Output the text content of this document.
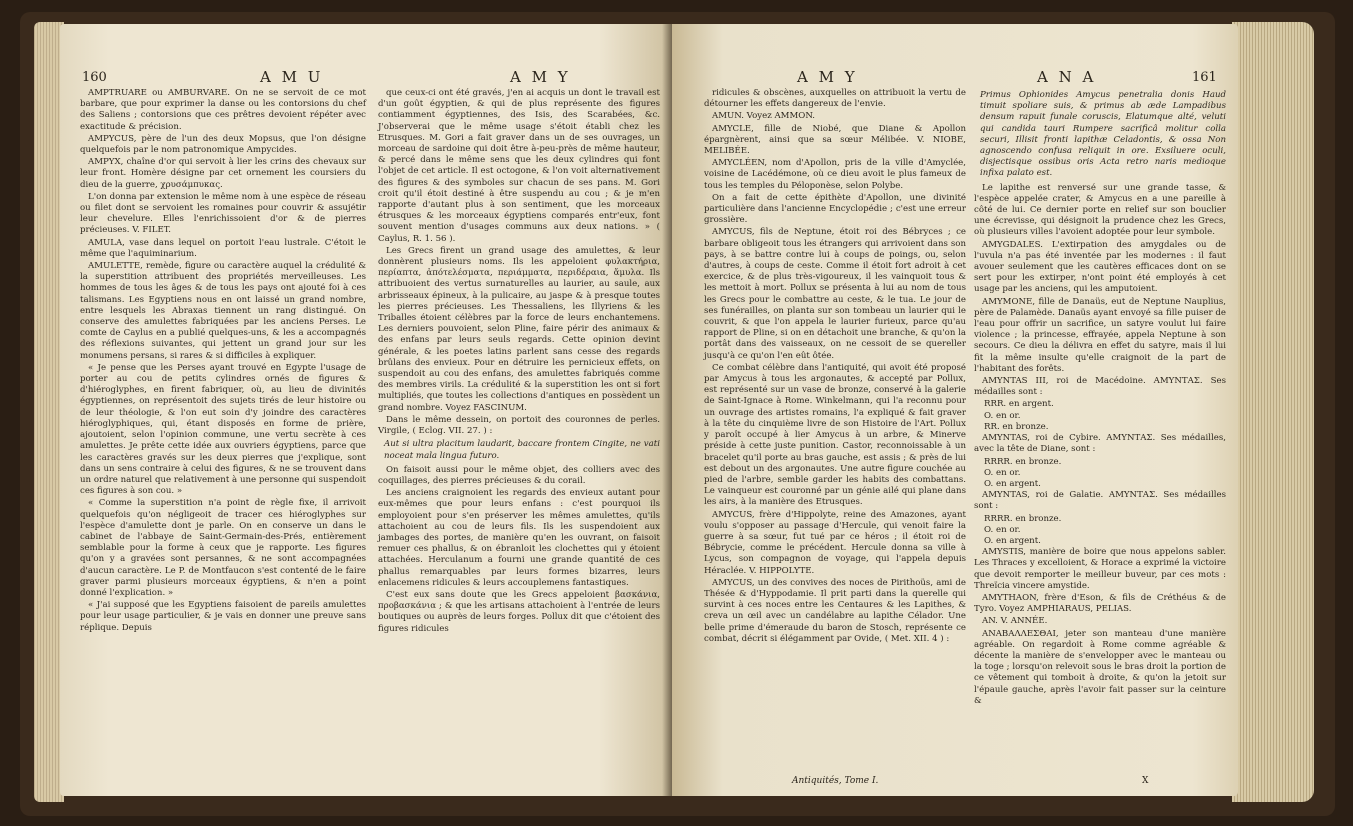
160	A M U	A M Y

AMPTRUARE ou AMBURVARE. On ne se servoit de ce mot barbare, que pour exprimer la danse ou les contorsions du chef des Saliens ; contorsions que ces prêtres devoient répéter avec exactitude & précision.

AMPYCUS, père de l'un des deux Mopsus, que l'on désigne quelquefois par le nom patronomique Ampycides.

AMPYX, chaîne d'or qui servoit à lier les crins des chevaux sur leur front. Homère désigne par cet ornement les coursiers du dieu de la guerre, χρυσάμπυκας.

L'on donna par extension le même nom à une espèce de réseau ou filet dont se servoient les romaines pour couvrir & assujétir leur chevelure. Elles l'enrichissoient d'or & de pierres précieuses. V. FILET.

AMULA, vase dans lequel on portoit l'eau lustrale. C'étoit le même que l'aquiminarium.

AMULETTE, remède, figure ou caractère auquel la crédulité & la superstition attribuent des propriétés merveilleuses. Les hommes de tous les âges & de tous les pays ont ajouté foi à ces talismans. Les Egyptiens nous en ont laissé un grand nombre, entre lesquels les Abraxas tiennent un rang distingué. On conserve des amulettes fabriquées par les anciens Perses. Le comte de Caylus en a publié quelques-uns, & les a accompagnés des réflexions suivantes, qui jettent un grand jour sur les monumens persans, si rares & si difficiles à expliquer.

« Je pense que les Perses ayant trouvé en Egypte l'usage de porter au cou de petits cylindres ornés de figures & d'hiéroglyphes, en firent fabriquer, où, au lieu de divinités égyptiennes, on représentoit des sujets tirés de leur histoire ou de leur théologie, & l'on eut soin d'y joindre des caractères hiéroglyphiques, qui, étant disposés en forme de prière, ajoutoient, selon l'opinion commune, une vertu secrète à ces amulettes. Je prête cette idée aux ouvriers égyptiens, parce que les caractères gravés sur les deux pierres que j'explique, sont dans un sens contraire à celui des figures, & ne se trouvent dans un ordre naturel que relativement à une personne qui suspendoit ces figures à son cou. »

« Comme la superstition n'a point de règle fixe, il arrivoit quelquefois qu'on négligeoit de tracer ces hiéroglyphes sur l'espèce d'amulette dont je parle. On en conserve un dans le cabinet de l'abbaye de Saint-Germain-des-Prés, entièrement semblable pour la forme à ceux que je rapporte. Les figures qu'on y a gravées sont persannes, & ne sont accompagnées d'aucun caractère. Le P. de Montfaucon s'est contenté de le faire graver parmi plusieurs morceaux égyptiens, & n'en a point donné l'explication. »

« J'ai supposé que les Egyptiens faisoient de pareils amulettes pour leur usage particulier, & je vais en donner une preuve sans réplique. Depuis

que ceux-ci ont été gravés, j'en ai acquis un dont le travail est d'un goût égyptien, & qui de plus représente des figures contiamment égyptiennes, des Isis, des Scarabées, &c. J'observerai que le même usage s'étoit établi chez les Etrusques. M. Gori a fait graver dans un de ses ouvrages, un morceau de sardoine qui doit être à-peu-près de même hauteur, & percé dans le même sens que les deux cylindres qui font l'objet de cet article. Il est octogone, & l'on voit alternativement des figures & des symboles sur chacun de ses pans. M. Gori croit qu'il étoit destiné à être suspendu au cou ; & je m'en rapporte d'autant plus à son sentiment, que les morceaux étrusques & les morceaux égyptiens comparés entr'eux, font souvent mention d'usages communs aux deux nations. » ( Caylus, R. 1. 56 ).

Les Grecs firent un grand usage des amulettes, & leur donnèrent plusieurs noms. Ils les appeloient φυλακτήρια, περίαπτα, ἀπότελέσματα, περιάμματα, περιδέραια, ἄμυλα. Ils attribuoient des vertus surnaturelles au laurier, au saule, aux arbrisseaux épineux, à la pulicaire, au jaspe & à presque toutes les pierres précieuses. Les Thessaliens, les Illyriens & les Triballes étoient célèbres par la force de leurs enchantemens. Les derniers pouvoient, selon Pline, faire périr des animaux & des enfans par leurs seuls regards. Cette opinion devint générale, & les poetes latins parlent sans cesse des regards brûlans des envieux. Pour en détruire les pernicieux effets, on suspendoit au cou des enfans, des amulettes fabriqués comme des membres virils. La crédulité & la superstition les ont si fort multipliés, que toutes les collections d'antiques en possèdent un grand nombre. Voyez FASCINUM.

Dans le même dessein, on portoit des couronnes de perles. Virgile, ( Eclog. VII. 27. ) :

Aut si ultra placitum laudarit, baccare frontem Cingite, ne vati noceat mala lingua futuro.

On faisoit aussi pour le même objet, des colliers avec des coquillages, des pierres précieuses & du corail.

Les anciens craignoient les regards des envieux autant pour eux-mêmes que pour leurs enfans : c'est pourquoi ils employoient pour s'en préserver les mêmes amulettes, qu'ils attachoient au cou de leurs fils. Ils les suspendoient aux jambages des portes, de manière qu'en les ouvrant, on faisoit remuer ces phallus, & on ébranloit les clochettes qui y étoient attachées. Herculanum a fourni une grande quantité de ces phallus remarquables par leurs formes bizarres, leurs enlacemens ridicules & leurs accouplemens fantastiques.

C'est eux sans doute que les Grecs appeloient βασκάνια, προβασκάνια ; & que les artisans attachoient à l'entrée de leurs boutiques ou auprès de leurs forges. Pollux dit que c'étoient des figures ridicules

A M Y	A N A	161

ridicules & obscènes, auxquelles on attribuoit la vertu de détourner les effets dangereux de l'envie.

AMUN. Voyez AMMON.

AMYCLE, fille de Niobé, que Diane & Apollon épargnèrent, ainsi que sa sœur Mélibée. V. NIOBE, MELIBÉE.

AMYCLÉEN, nom d'Apollon, pris de la ville d'Amyclée, voisine de Lacédémone, où ce dieu avoit le plus fameux de tous les temples du Péloponèse, selon Polybe.

On a fait de cette épithète d'Apollon, une divinité particulière dans l'ancienne Encyclopédie ; c'est une erreur grossière.

AMYCUS, fils de Neptune, étoit roi des Bébryces ; ce barbare obligeoit tous les étrangers qui arrivoient dans son pays, à se battre contre lui à coups de poings, ou, selon d'autres, à coups de ceste. Comme il étoit fort adroit à cet exercice, & de plus très-vigoureux, il les vainquoit tous & les mettoit à mort. Pollux se présenta à lui au nom de tous les Grecs pour le combattre au ceste, & le tua. Le jour de ses funérailles, on planta sur son tombeau un laurier qui le couvrit, & que l'on appela le laurier furieux, parce qu'au rapport de Pline, si on en détachoit une branche, & qu'on la portât dans des vaisseaux, on ne cessoit de se quereller jusqu'à ce qu'on l'en eût ôtée.

Ce combat célèbre dans l'antiquité, qui avoit été proposé par Amycus à tous les argonautes, & accepté par Pollux, est représenté sur un vase de bronze, conservé à la galerie de Saint-Ignace à Rome. Winkelmann, qui l'a reconnu pour un ouvrage des artistes romains, l'a expliqué & fait graver à la tête du cinquième livre de son Histoire de l'Art. Pollux y paroît occupé à lier Amycus à un arbre, & Minerve préside à cette juste punition. Castor, reconnoissable à un bracelet qu'il porte au bras gauche, est assis ; & près de lui est debout un des argonautes. Une autre figure couchée au pied de l'arbre, semble garder les habits des combattans. Le vainqueur est couronné par un génie ailé qui plane dans les airs, à la manière des Etrusques.

AMYCUS, frère d'Hippolyte, reine des Amazones, ayant voulu s'opposer au passage d'Hercule, qui venoit faire la guerre à sa sœur, fut tué par ce héros ; il étoit roi de Bébrycie, comme le précédent. Hercule donna sa ville à Lycus, son compagnon de voyage, qui l'appela depuis Héraclée. V. HIPPOLYTE.

AMYCUS, un des convives des noces de Pirithoüs, ami de Thésée & d'Hyppodamie. Il prit parti dans la querelle qui survint à ces noces entre les Centaures & les Lapithes, & creva un œil avec un candélabre au lapithe Célador. Une belle prime d'émeraude du baron de Stosch, représente ce combat, décrit si élégamment par Ovide, ( Met. XII. 4 ) :

Antiquités, Tome I.

Primus Ophionides Amycus penetralia donis Haud timuit spoliare suis, & primus ab æde Lampadibus densum rapuit funale coruscis, Elatumque alté, veluti qui candida tauri Rumpere sacrificâ molitur colla securi, Illisit fronti lapithæ Celadontis, & ossa Non agnoscendo confusa reliquit in ore. Exsiluere oculi, disjectisque ossibus oris Acta retro naris medioque infixa palato est.

Le lapithe est renversé sur une grande tasse, & l'espèce appelée crater, & Amycus en a une pareille à côté de lui. Ce dernier porte en relief sur son bouclier une écrevisse, qui désignoit la prudence chez les Grecs, où plusieurs villes l'avoient adoptée pour leur symbole.

AMYGDALES. L'extirpation des amygdales ou de l'uvula n'a pas été inventée par les modernes : il faut avouer seulement que les cautères efficaces dont on se sert pour les extirper, n'ont point été employés à cet usage par les anciens, qui les amputoient.

AMYMONE, fille de Danaüs, eut de Neptune Nauplius, père de Palamède. Danaüs ayant envoyé sa fille puiser de l'eau pour offrir un sacrifice, un satyre voulut lui faire violence ; la princesse, effrayée, appela Neptune à son secours. Ce dieu la délivra en effet du satyre, mais il lui fit la même insulte qu'elle craignoit de la part de l'habitant des forêts.

AMYNTAS III, roi de Macédoine. ΑΜΥΝΤΑΣ. Ses médailles sont :

RRR. en argent.

O. en or.

RR. en bronze.

AMYNTAS, roi de Cybire. ΑΜΥΝΤΑΣ. Ses médailles, avec la tête de Diane, sont :

RRRR. en bronze.

O. en or.

O. en argent.

AMYNTAS, roi de Galatie. ΑΜΥΝΤΑΣ. Ses médailles sont :

RRRR. en bronze.

O. en or.

O. en argent.

AMYSTIS, manière de boire que nous appelons sabler. Les Thraces y excelloient, & Horace a exprimé la victoire que devoit remporter le meilleur buveur, par ces mots : Threïcia vincere amystide.

AMYTHAON, frère d'Eson, & fils de Créthéus & de Tyro. Voyez AMPHIARAUS, PELIAS.

AN. V. ANNÉE.

ΑΝΑΒΑΛΛΕΣΘΑΙ, jeter son manteau d'une manière agréable. On regardoit à Rome comme agréable & décente la manière de s'envelopper avec le manteau ou la toge ; lorsqu'on relevoit sous le bras droit la portion de ce vêtement qui tomboit à droite, & qu'on la jetoit sur l'épaule gauche, après l'avoir fait passer sur la ceinture &

X
